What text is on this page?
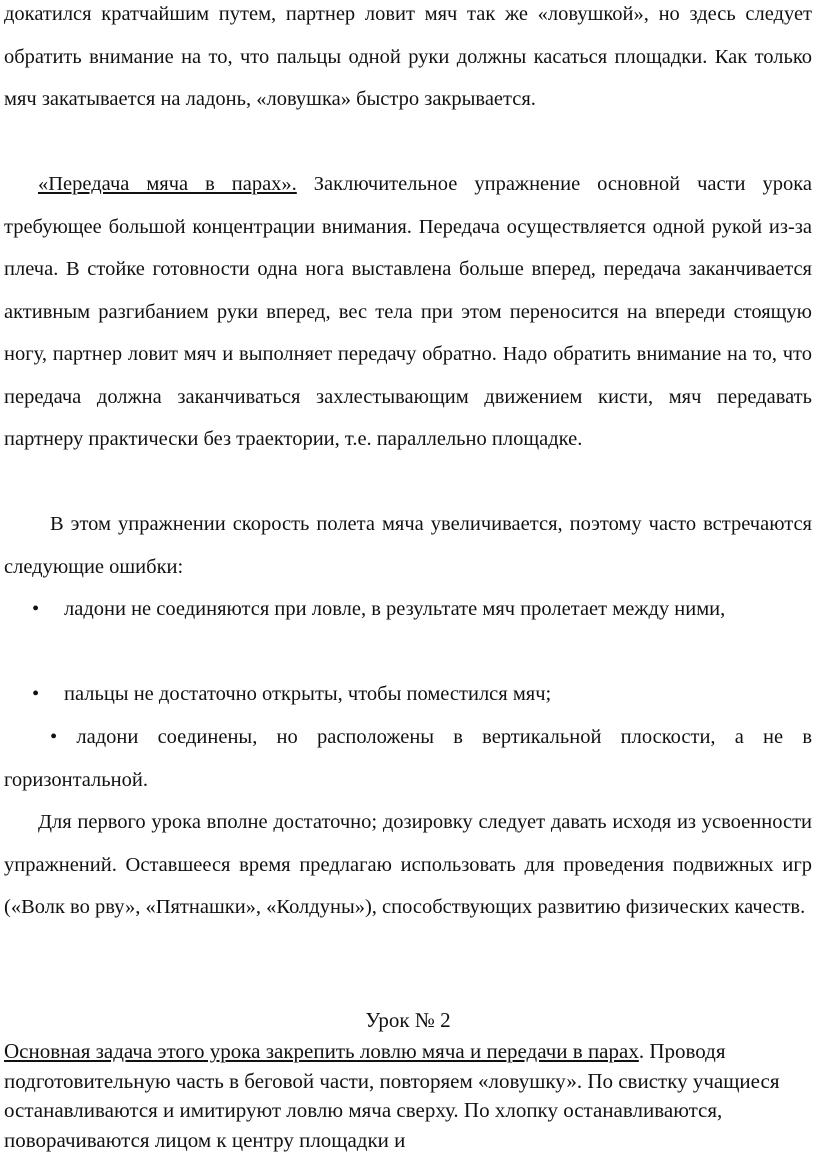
докатился кратчайшим путем, партнер ловит мяч так же «ловушкой», но здесь следует обратить внимание на то, что пальцы одной руки должны касаться площадки. Как только мяч закатывается на ладонь, «ловушка» быстро закрывается.

«Передача мяча в парах». Заключительное упражнение основной части урока требующее большой концентрации внимания. Передача осуществляется одной рукой из-за плеча. В стойке готовности одна нога выставлена больше вперед, передача заканчивается активным разгибанием руки вперед, вес тела при этом переносится на впереди стоящую ногу, партнер ловит мяч и выполняет передачу обратно. Надо обратить внимание на то, что передача должна заканчиваться захлестывающим движением кисти, мяч передавать партнеру практически без траектории, т.е. параллельно площадке.

В этом упражнении скорость полета мяча увеличивается, поэтому часто встречаются следующие ошибки:

• ладони не соединяются при ловле, в результате мяч пролетает между ними,
• пальцы не достаточно открыты, чтобы поместился мяч;
• ладони соединены, но расположены в вертикальной плоскости, а не в горизонтальной.

Для первого урока вполне достаточно; дозировку следует давать исходя из усвоенности упражнений. Оставшееся время предлагаю использовать для проведения подвижных игр («Волк во рву», «Пятнашки», «Колдуны»), способствующих развитию физических качеств.

Урок № 2

Основная задача этого урока закрепить ловлю мяча и передачи в парах. Проводя подготовительную часть в беговой части, повторяем «ловушку». По свистку учащиеся останавливаются и имитируют ловлю мяча сверху. По хлопку останавливаются, поворачиваются лицом к центру площадки и
